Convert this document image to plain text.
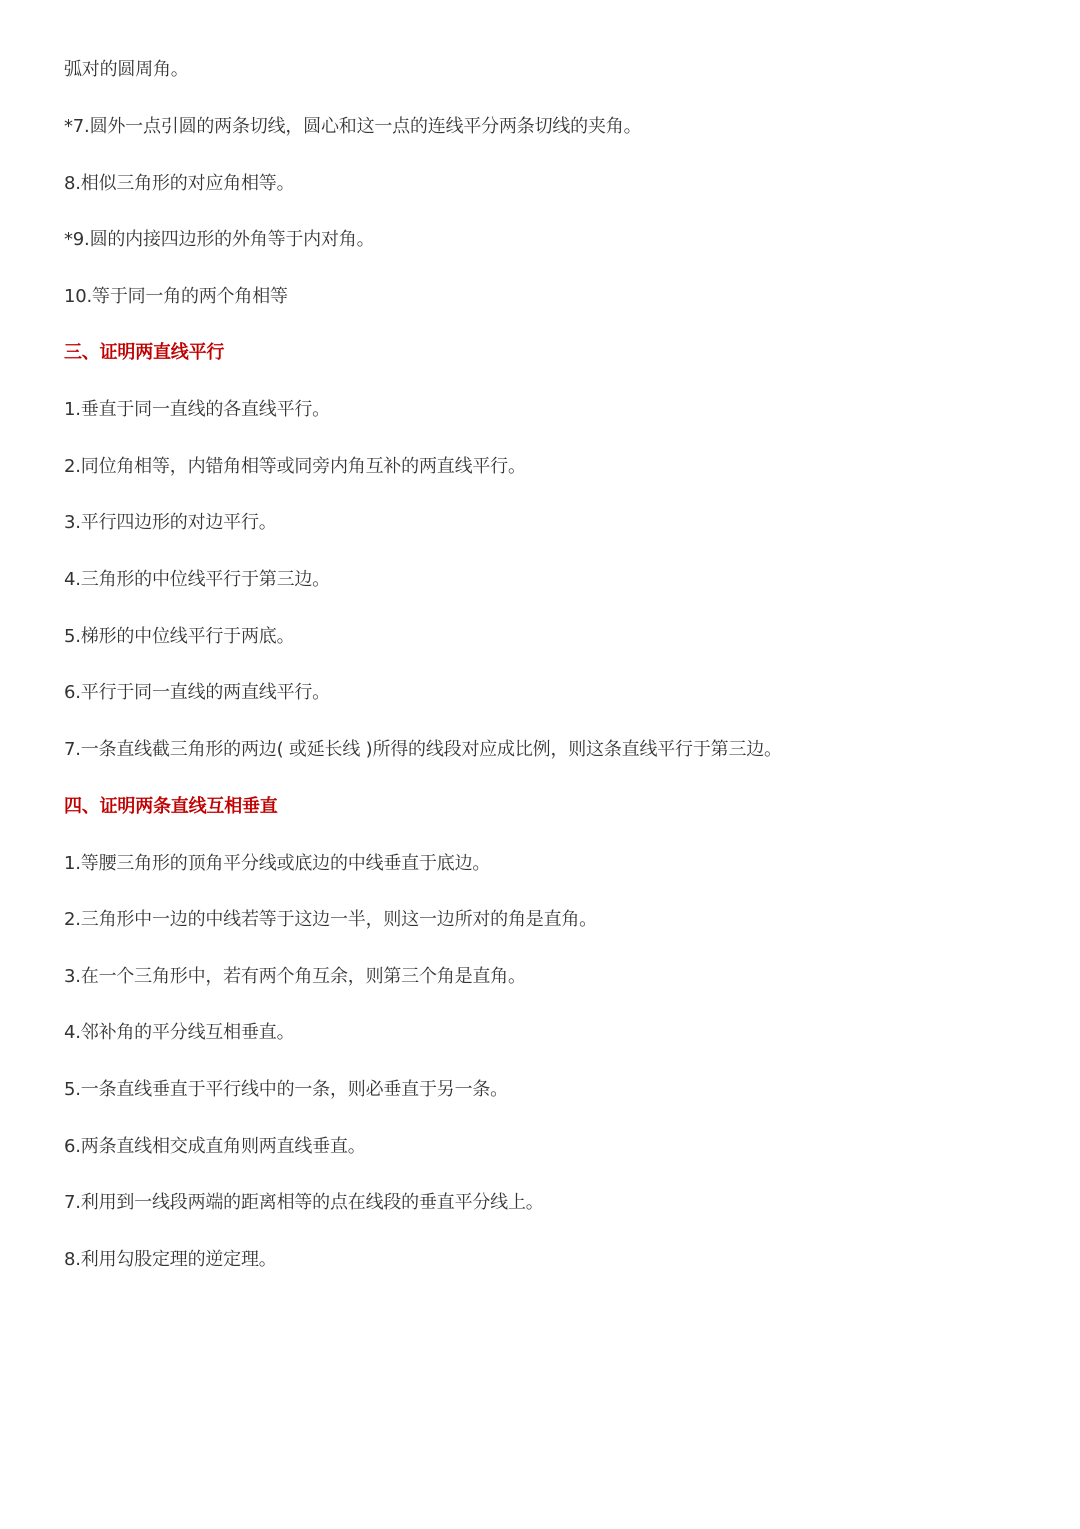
弧对的圆周角。
*7.圆外一点引圆的两条切线，圆心和这一点的连线平分两条切线的夹角。
8.相似三角形的对应角相等。
*9.圆的内接四边形的外角等于内对角。
10.等于同一角的两个角相等
三、证明两直线平行
1.垂直于同一直线的各直线平行。
2.同位角相等，内错角相等或同旁内角互补的两直线平行。
3.平行四边形的对边平行。
4.三角形的中位线平行于第三边。
5.梯形的中位线平行于两底。
6.平行于同一直线的两直线平行。
7.一条直线截三角形的两边( 或延长线 )所得的线段对应成比例，则这条直线平行于第三边。
四、证明两条直线互相垂直
1.等腰三角形的顶角平分线或底边的中线垂直于底边。
2.三角形中一边的中线若等于这边一半，则这一边所对的角是直角。
3.在一个三角形中，若有两个角互余，则第三个角是直角。
4.邻补角的平分线互相垂直。
5.一条直线垂直于平行线中的一条，则必垂直于另一条。
6.两条直线相交成直角则两直线垂直。
7.利用到一线段两端的距离相等的点在线段的垂直平分线上。
8.利用勾股定理的逆定理。
